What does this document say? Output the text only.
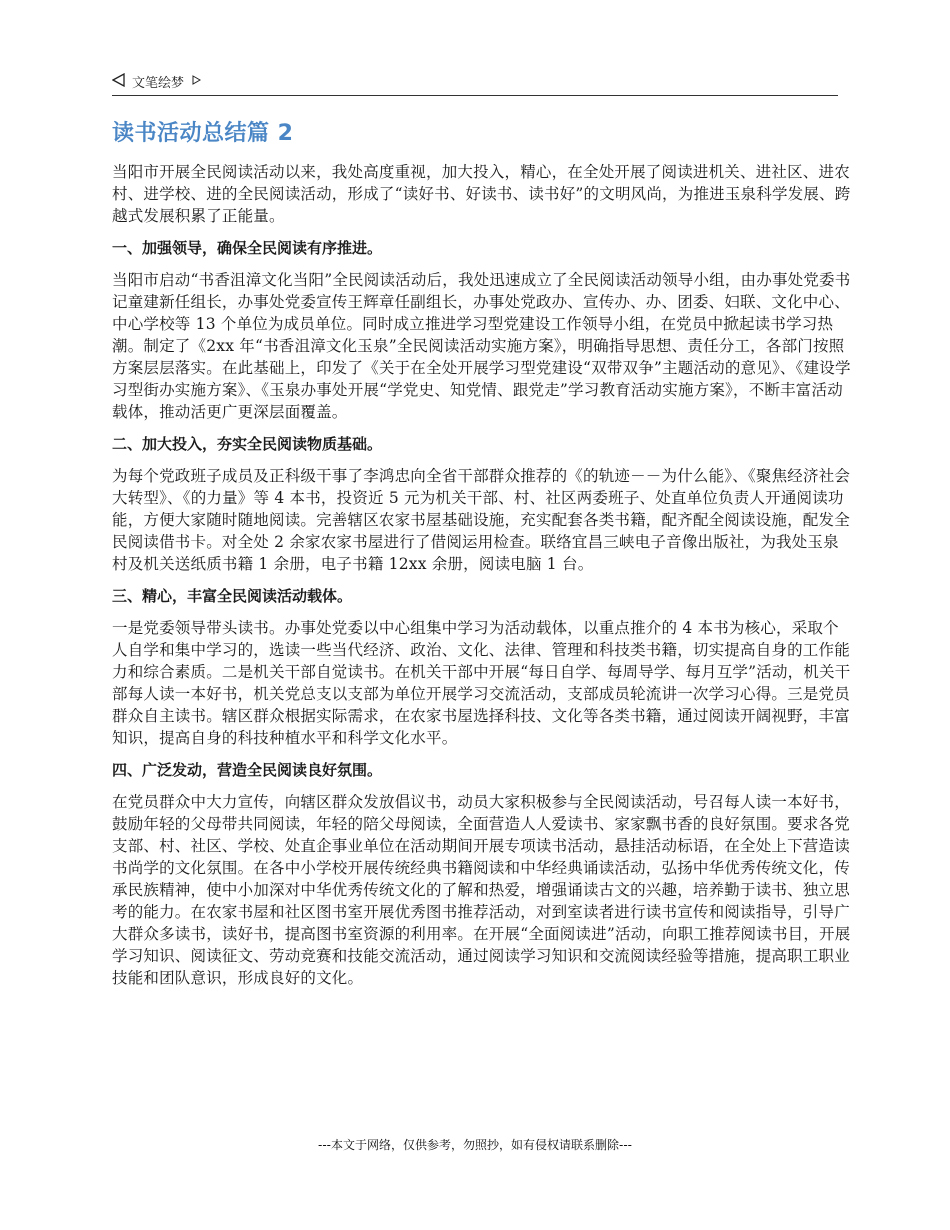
文笔绘梦
读书活动总结篇 2

当阳市开展全民阅读活动以来，我处高度重视，加大投入，精心，在全处开展了阅读进机关、进社区、进农村、进学校、进的全民阅读活动，形成了“读好书、好读书、读书好”的文明风尚，为推进玉泉科学发展、跨越式发展积累了正能量。

一、加强领导，确保全民阅读有序推进。

当阳市启动“书香沮漳文化当阳”全民阅读活动后，我处迅速成立了全民阅读活动领导小组，由办事处党委书记童建新任组长，办事处党委宣传王辉章任副组长，办事处党政办、宣传办、办、团委、妇联、文化中心、中心学校等 13 个单位为成员单位。同时成立推进学习型党建设工作领导小组，在党员中掀起读书学习热潮。制定了《2xx 年“书香沮漳文化玉泉”全民阅读活动实施方案》，明确指导思想、责任分工，各部门按照方案层层落实。在此基础上，印发了《关于在全处开展学习型党建设“双带双争”主题活动的意见》、《建设学习型街办实施方案》、《玉泉办事处开展“学党史、知党情、跟党走”学习教育活动实施方案》，不断丰富活动载体，推动活更广更深层面覆盖。

二、加大投入，夯实全民阅读物质基础。

为每个党政班子成员及正科级干事了李鸿忠向全省干部群众推荐的《的轨迹－－为什么能》、《聚焦经济社会大转型》、《的力量》等 4 本书，投资近 5 元为机关干部、村、社区两委班子、处直单位负责人开通阅读功能，方便大家随时随地阅读。完善辖区农家书屋基础设施，充实配套各类书籍，配齐配全阅读设施，配发全民阅读借书卡。对全处 2 余家农家书屋进行了借阅运用检查。联络宜昌三峡电子音像出版社，为我处玉泉村及机关送纸质书籍 1 余册，电子书籍 12xx 余册，阅读电脑 1 台。

三、精心，丰富全民阅读活动载体。

一是党委领导带头读书。办事处党委以中心组集中学习为活动载体，以重点推介的 4 本书为核心，采取个人自学和集中学习的，选读一些当代经济、政治、文化、法律、管理和科技类书籍，切实提高自身的工作能力和综合素质。二是机关干部自觉读书。在机关干部中开展“每日自学、每周导学、每月互学”活动，机关干部每人读一本好书，机关党总支以支部为单位开展学习交流活动，支部成员轮流讲一次学习心得。三是党员群众自主读书。辖区群众根据实际需求，在农家书屋选择科技、文化等各类书籍，通过阅读开阔视野，丰富知识，提高自身的科技种植水平和科学文化水平。

四、广泛发动，营造全民阅读良好氛围。

在党员群众中大力宣传，向辖区群众发放倡议书，动员大家积极参与全民阅读活动，号召每人读一本好书，鼓励年轻的父母带共同阅读，年轻的陪父母阅读，全面营造人人爱读书、家家飘书香的良好氛围。要求各党支部、村、社区、学校、处直企事业单位在活动期间开展专项读书活动，悬挂活动标语，在全处上下营造读书尚学的文化氛围。在各中小学校开展传统经典书籍阅读和中华经典诵读活动，弘扬中华优秀传统文化，传承民族精神，使中小加深对中华优秀传统文化的了解和热爱，增强诵读古文的兴趣，培养勤于读书、独立思考的能力。在农家书屋和社区图书室开展优秀图书推荐活动，对到室读者进行读书宣传和阅读指导，引导广大群众多读书，读好书，提高图书室资源的利用率。在开展“全面阅读进”活动，向职工推荐阅读书目，开展学习知识、阅读征文、劳动竞赛和技能交流活动，通过阅读学习知识和交流阅读经验等措施，提高职工职业技能和团队意识，形成良好的文化。

---本文于网络，仅供参考，勿照抄，如有侵权请联系删除---
